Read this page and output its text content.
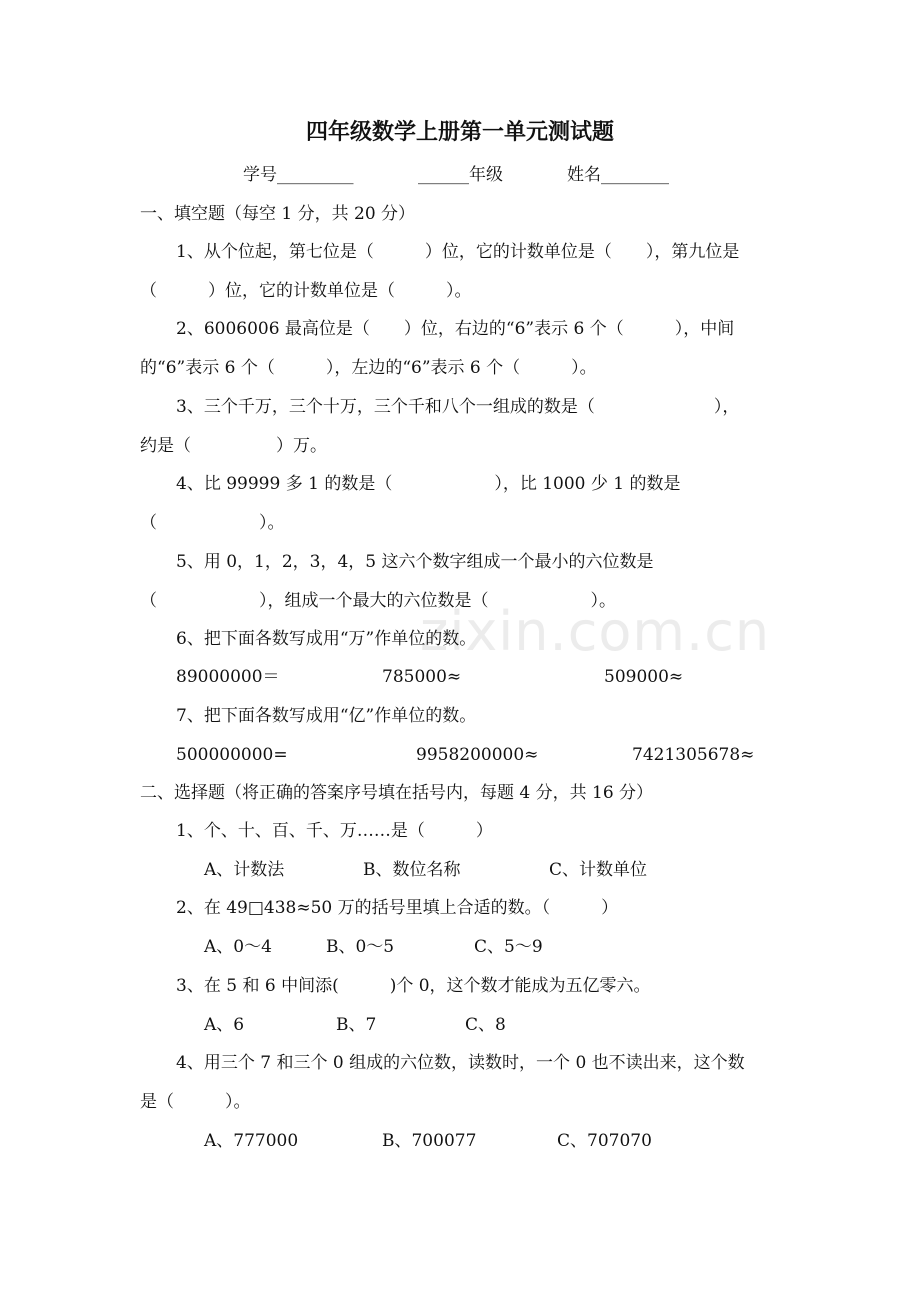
zixin.com.cn
四年级数学上册第一单元测试题
学号_________	______年级	姓名________
一、填空题（每空 1 分，共 20 分）
1、从个位起，第七位是（　　　）位，它的计数单位是（　　），第九位是
（　　　）位，它的计数单位是（　　　）。
2、6006006 最高位是（　　）位，右边的“6”表示 6 个（　　　），中间
的“6”表示 6 个（　　　），左边的“6”表示 6 个（　　　）。
3、三个千万，三个十万，三个千和八个一组成的数是（　　　　　　　），
约是（　　　　　）万。
4、比 99999 多 1 的数是（　　　　　　），比 1000 少 1 的数是
（　　　　　　）。
5、用 0，1，2，3，4，5 这六个数字组成一个最小的六位数是
（　　　　　　），组成一个最大的六位数是（　　　　　　）。
6、把下面各数写成用“万”作单位的数。
89000000＝	785000≈	509000≈
7、把下面各数写成用“亿”作单位的数。
500000000=	9958200000≈	7421305678≈
二、选择题（将正确的答案序号填在括号内，每题 4 分，共 16 分）
1、个、十、百、千、万……是（　　　）
A、计数法	B、数位名称	C、计数单位
2、在 49□438≈50 万的括号里填上合适的数。（　　　）
A、0～4	B、0～5	C、5～9
3、在 5 和 6 中间添(　　　)个 0，这个数才能成为五亿零六。
A、6	B、7	C、8
4、用三个 7 和三个 0 组成的六位数，读数时，一个 0 也不读出来，这个数
是（　　　）。
A、777000	B、700077	C、707070
